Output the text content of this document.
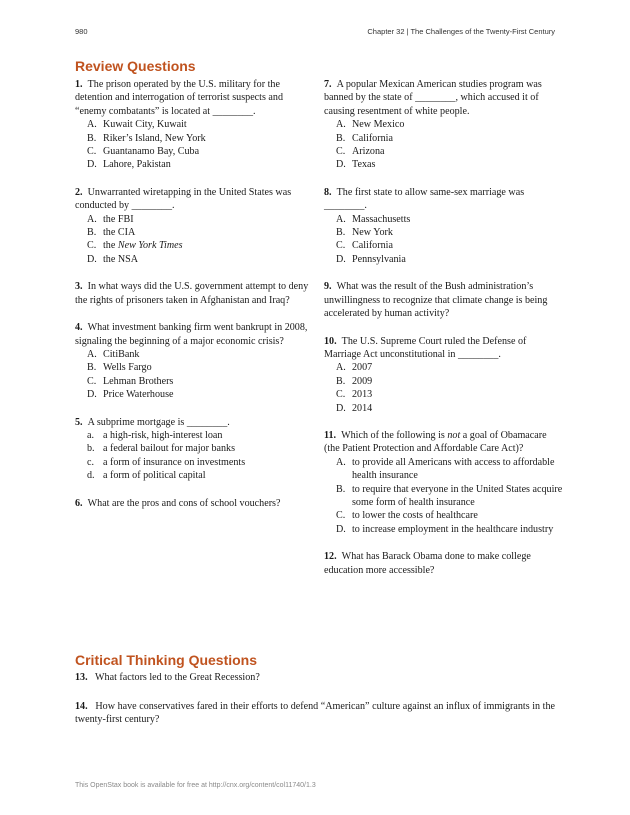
980	Chapter 32 | The Challenges of the Twenty-First Century
Review Questions

1. The prison operated by the U.S. military for the detention and interrogation of terrorist suspects and “enemy combatants” is located at ________.

A. Kuwait City, Kuwait
B. Riker’s Island, New York
C. Guantanamo Bay, Cuba
D. Lahore, Pakistan

2. Unwarranted wiretapping in the United States was conducted by ________.

A. the FBI
B. the CIA
C. the New York Times
D. the NSA

3. In what ways did the U.S. government attempt to deny the rights of prisoners taken in Afghanistan and Iraq?

4. What investment banking firm went bankrupt in 2008, signaling the beginning of a major economic crisis?

A. CitiBank
B. Wells Fargo
C. Lehman Brothers
D. Price Waterhouse

5. A subprime mortgage is ________.

a. a high-risk, high-interest loan
b. a federal bailout for major banks
c. a form of insurance on investments
d. a form of political capital

6. What are the pros and cons of school vouchers?

7. A popular Mexican American studies program was banned by the state of ________, which accused it of causing resentment of white people.

A. New Mexico
B. California
C. Arizona
D. Texas

8. The first state to allow same-sex marriage was ________.

A. Massachusetts
B. New York
C. California
D. Pennsylvania

9. What was the result of the Bush administration’s unwillingness to recognize that climate change is being accelerated by human activity?

10. The U.S. Supreme Court ruled the Defense of Marriage Act unconstitutional in ________.

A. 2007
B. 2009
C. 2013
D. 2014

11. Which of the following is not a goal of Obamacare (the Patient Protection and Affordable Care Act)?

A. to provide all Americans with access to affordable health insurance
B. to require that everyone in the United States acquire some form of health insurance
C. to lower the costs of healthcare
D. to increase employment in the healthcare industry

12. What has Barack Obama done to make college education more accessible?

Critical Thinking Questions
13. What factors led to the Great Recession?
14. How have conservatives fared in their efforts to defend “American” culture against an influx of immigrants in the twenty-first century?
This OpenStax book is available for free at http://cnx.org/content/col11740/1.3
